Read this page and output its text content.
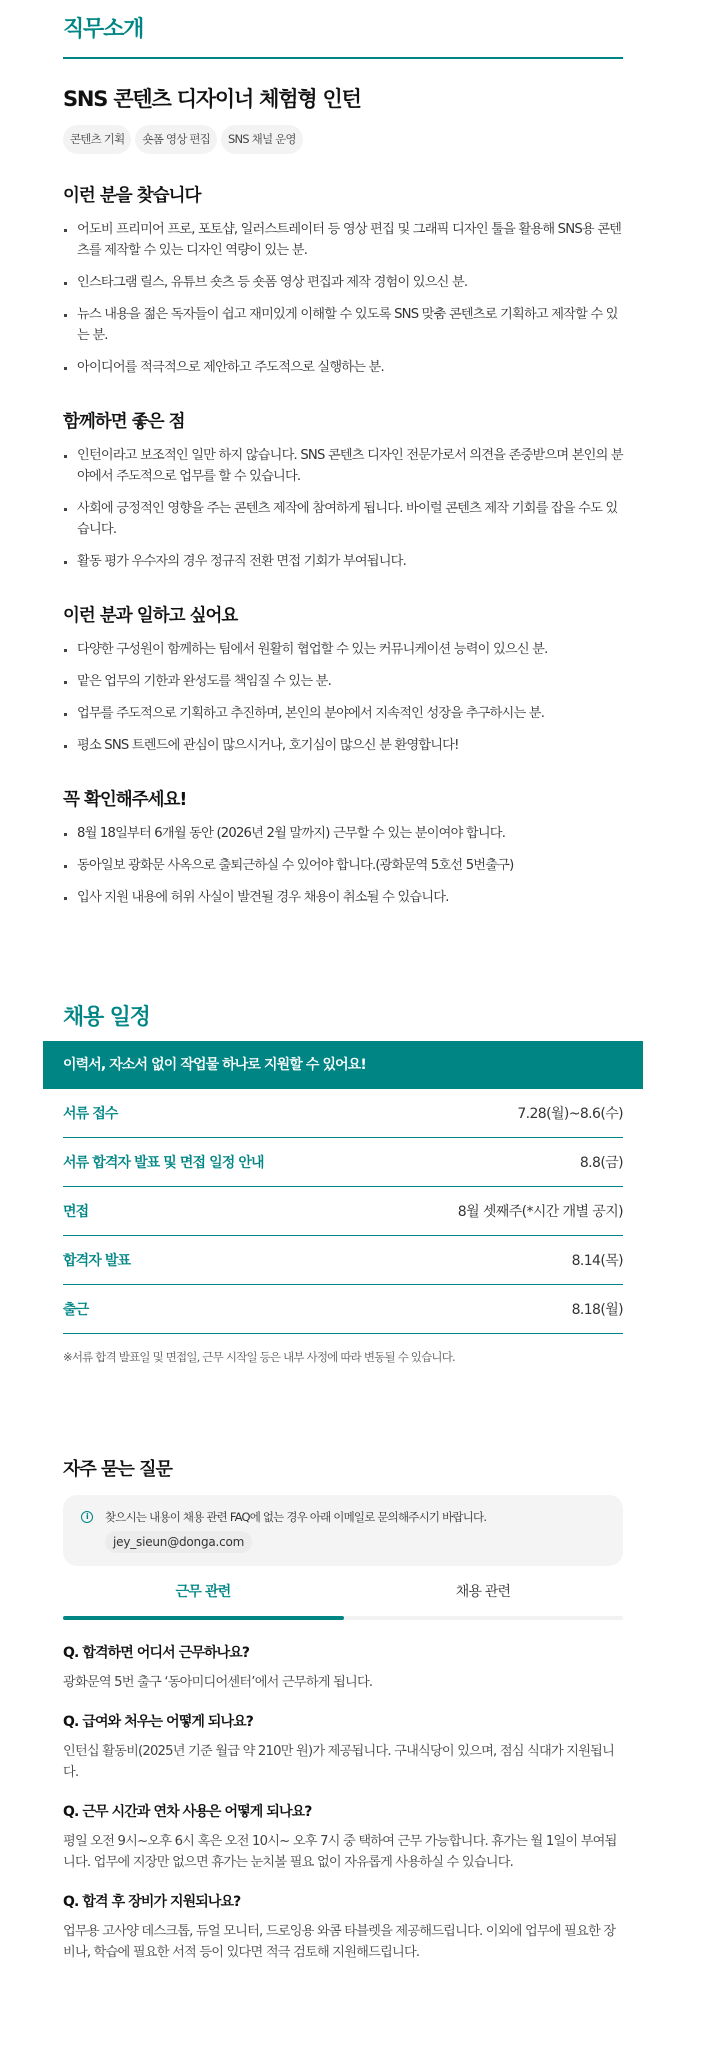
직무소개
SNS 콘텐츠 디자이너 체험형 인턴
콘텐츠 기획	숏폼 영상 편집	SNS 채널 운영
이런 분을 찾습니다
어도비 프리미어 프로, 포토샵, 일러스트레이터 등 영상 편집 및 그래픽 디자인 툴을 활용해 SNS용 콘텐츠를 제작할 수 있는 디자인 역량이 있는 분.
인스타그램 릴스, 유튜브 숏츠 등 숏폼 영상 편집과 제작 경험이 있으신 분.
뉴스 내용을 젊은 독자들이 쉽고 재미있게 이해할 수 있도록 SNS 맞춤 콘텐츠로 기획하고 제작할 수 있는 분.
아이디어를 적극적으로 제안하고 주도적으로 실행하는 분.
함께하면 좋은 점
인턴이라고 보조적인 일만 하지 않습니다. SNS 콘텐츠 디자인 전문가로서 의견을 존중받으며 본인의 분야에서 주도적으로 업무를 할 수 있습니다.
사회에 긍정적인 영향을 주는 콘텐츠 제작에 참여하게 됩니다. 바이럴 콘텐츠 제작 기회를 잡을 수도 있습니다.
활동 평가 우수자의 경우 정규직 전환 면접 기회가 부여됩니다.
이런 분과 일하고 싶어요
다양한 구성원이 함께하는 팀에서 원활히 협업할 수 있는 커뮤니케이션 능력이 있으신 분.
맡은 업무의 기한과 완성도를 책임질 수 있는 분.
업무를 주도적으로 기획하고 추진하며, 본인의 분야에서 지속적인 성장을 추구하시는 분.
평소 SNS 트렌드에 관심이 많으시거나, 호기심이 많으신 분 환영합니다!
꼭 확인해주세요!
8월 18일부터 6개월 동안 (2026년 2월 말까지) 근무할 수 있는 분이여야 합니다.
동아일보 광화문 사옥으로 출퇴근하실 수 있어야 합니다.(광화문역 5호선 5번출구)
입사 지원 내용에 허위 사실이 발견될 경우 채용이 취소될 수 있습니다.
채용 일정
이력서, 자소서 없이 작업물 하나로 지원할 수 있어요!
서류 접수	7.28(월)~8.6(수)
서류 합격자 발표 및 면접 일정 안내	8.8(금)
면접	8월 셋째주(*시간 개별 공지)
합격자 발표	8.14(목)
출근	8.18(월)

※서류 합격 발표일 및 면접일, 근무 시작일 등은 내부 사정에 따라 변동될 수 있습니다.

자주 묻는 질문
i	찾으시는 내용이 채용 관련 FAQ에 없는 경우 아래 이메일로 문의해주시기 바랍니다.
jey_sieun@donga.com
근무 관련	채용 관련
Q. 합격하면 어디서 근무하나요?
광화문역 5번 출구 ‘동아미디어센터’에서 근무하게 됩니다.
Q. 급여와 처우는 어떻게 되나요?
인턴십 활동비(2025년 기준 월급 약 210만 원)가 제공됩니다. 구내식당이 있으며, 점심 식대가 지원됩니다.
Q. 근무 시간과 연차 사용은 어떻게 되나요?
평일 오전 9시~오후 6시 혹은 오전 10시~ 오후 7시 중 택하여 근무 가능합니다. 휴가는 월 1일이 부여됩니다. 업무에 지장만 없으면 휴가는 눈치볼 필요 없이 자유롭게 사용하실 수 있습니다.
Q. 합격 후 장비가 지원되나요?
업무용 고사양 데스크톱, 듀얼 모니터, 드로잉용 와콤 타블렛을 제공해드립니다. 이외에 업무에 필요한 장비나, 학습에 필요한 서적 등이 있다면 적극 검토해 지원해드립니다.
